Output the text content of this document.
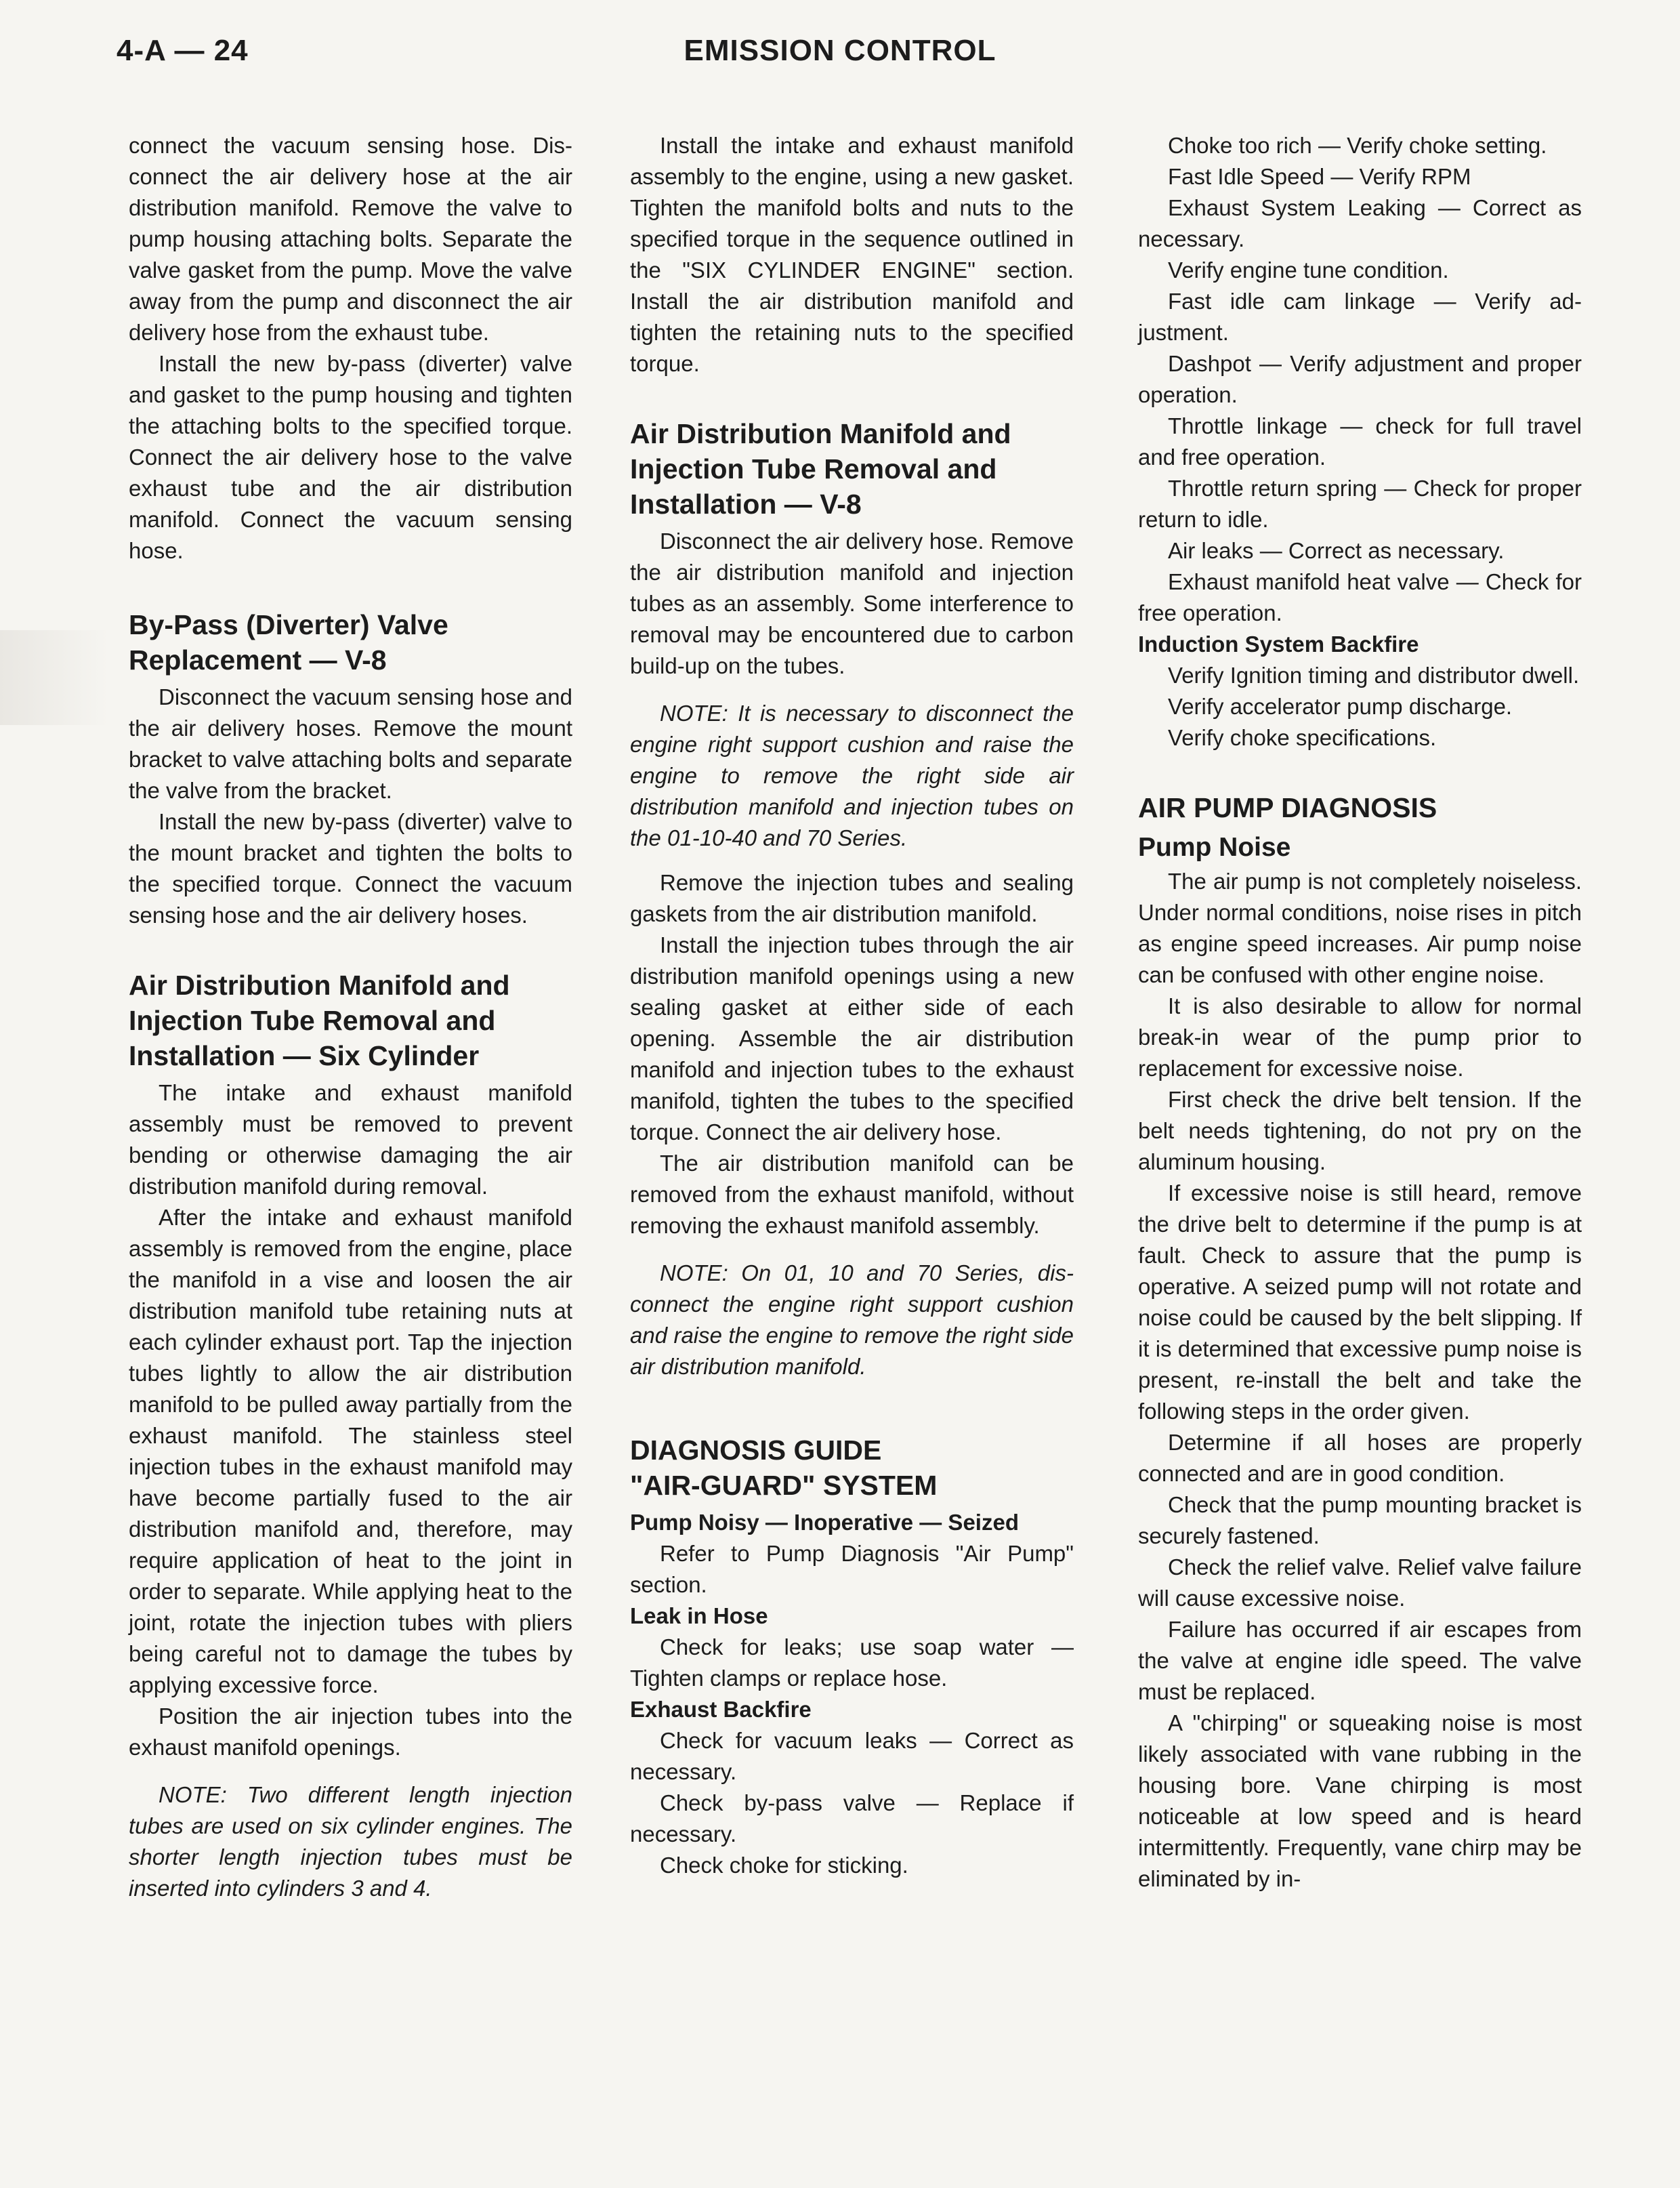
4-A — 24	EMISSION CONTROL

connect the vacuum sensing hose. Disconnect the air delivery hose at the air distribution manifold. Remove the valve to pump housing attaching bolts. Separate the valve gasket from the pump. Move the valve away from the pump and disconnect the air delivery hose from the exhaust tube.

Install the new by-pass (diverter) valve and gasket to the pump housing and tighten the attaching bolts to the specified torque. Connect the air delivery hose to the valve exhaust tube and the air distribution manifold. Connect the vacuum sensing hose.

By-Pass (Diverter) Valve
Replacement — V-8

Disconnect the vacuum sensing hose and the air delivery hoses. Remove the mount bracket to valve attaching bolts and separate the valve from the bracket.

Install the new by-pass (diverter) valve to the mount bracket and tighten the bolts to the specified torque. Connect the vacuum sensing hose and the air delivery hoses.

Air Distribution Manifold and
Injection Tube Removal and
Installation — Six Cylinder

The intake and exhaust manifold assembly must be removed to prevent bending or otherwise damaging the air distribution manifold during removal.

After the intake and exhaust manifold assembly is removed from the engine, place the manifold in a vise and loosen the air distribution manifold tube retaining nuts at each cylinder exhaust port. Tap the injection tubes lightly to allow the air distribution manifold to be pulled away partially from the exhaust manifold. The stainless steel injection tubes in the exhaust manifold may have become partially fused to the air distribution manifold and, therefore, may require application of heat to the joint in order to separate. While applying heat to the joint, rotate the injection tubes with pliers being careful not to damage the tubes by applying excessive force.

Position the air injection tubes into the exhaust manifold openings.

NOTE: Two different length injection tubes are used on six cylinder engines. The shorter length injection tubes must be inserted into cylinders 3 and 4.

Install the intake and exhaust manifold assembly to the engine, using a new gasket. Tighten the manifold bolts and nuts to the specified torque in the sequence outlined in the "SIX CYLINDER ENGINE" section. Install the air distribution manifold and tighten the retaining nuts to the specified torque.

Air Distribution Manifold and
Injection Tube Removal and
Installation — V-8

Disconnect the air delivery hose. Remove the air distribution manifold and injection tubes as an assembly. Some interference to removal may be encountered due to carbon build-up on the tubes.

NOTE: It is necessary to disconnect the engine right support cushion and raise the engine to remove the right side air distribution manifold and injection tubes on the 01-10-40 and 70 Series.

Remove the injection tubes and sealing gaskets from the air distribution manifold.

Install the injection tubes through the air distribution manifold openings using a new sealing gasket at either side of each opening. Assemble the air distribution manifold and injection tubes to the exhaust manifold, tighten the tubes to the specified torque. Connect the air delivery hose.

The air distribution manifold can be removed from the exhaust manifold, without removing the exhaust manifold assembly.

NOTE: On 01, 10 and 70 Series, disconnect the engine right support cushion and raise the engine to remove the right side air distribution manifold.

DIAGNOSIS GUIDE
"AIR-GUARD" SYSTEM
Pump Noisy — Inoperative — Seized

Refer to Pump Diagnosis "Air Pump" section.

Leak in Hose

Check for leaks; use soap water — Tighten clamps or replace hose.

Exhaust Backfire

Check for vacuum leaks — Correct as necessary.

Check by-pass valve — Replace if necessary.

Check choke for sticking.

Choke too rich — Verify choke setting.

Fast Idle Speed — Verify RPM

Exhaust System Leaking — Correct as necessary.

Verify engine tune condition.

Fast idle cam linkage — Verify adjustment.

Dashpot — Verify adjustment and proper operation.

Throttle linkage — check for full travel and free operation.

Throttle return spring — Check for proper return to idle.

Air leaks — Correct as necessary.

Exhaust manifold heat valve — Check for free operation.

Induction System Backfire

Verify Ignition timing and distributor dwell.

Verify accelerator pump discharge.

Verify choke specifications.

AIR PUMP DIAGNOSIS
Pump Noise

The air pump is not completely noiseless. Under normal conditions, noise rises in pitch as engine speed increases. Air pump noise can be confused with other engine noise.

It is also desirable to allow for normal break-in wear of the pump prior to replacement for excessive noise.

First check the drive belt tension. If the belt needs tightening, do not pry on the aluminum housing.

If excessive noise is still heard, remove the drive belt to determine if the pump is at fault. Check to assure that the pump is operative. A seized pump will not rotate and noise could be caused by the belt slipping. If it is determined that excessive pump noise is present, re-install the belt and take the following steps in the order given.

Determine if all hoses are properly connected and are in good condition.

Check that the pump mounting bracket is securely fastened.

Check the relief valve. Relief valve failure will cause excessive noise.

Failure has occurred if air escapes from the valve at engine idle speed. The valve must be replaced.

A "chirping" or squeaking noise is most likely associated with vane rubbing in the housing bore. Vane chirping is most noticeable at low speed and is heard intermittently. Frequently, vane chirp may be eliminated by in-
